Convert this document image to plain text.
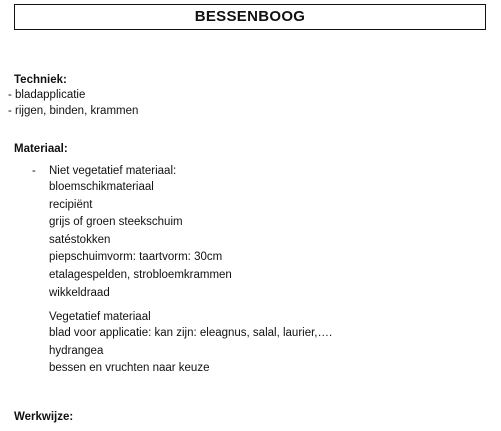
BESSENBOOG
Techniek:
- bladapplicatie
- rijgen, binden, krammen
Materiaal:
- Niet vegetatief materiaal:
bloemschikmateriaal
recipiënt
grijs of groen steekschuim
satéstokken
piepschuimvorm: taartvorm: 30cm
etalagespelden, strobloemkrammen
wikkeldraad
Vegetatief materiaal
blad voor applicatie: kan zijn: eleagnus, salal, laurier,….
hydrangea
bessen en vruchten naar keuze
Werkwijze:
